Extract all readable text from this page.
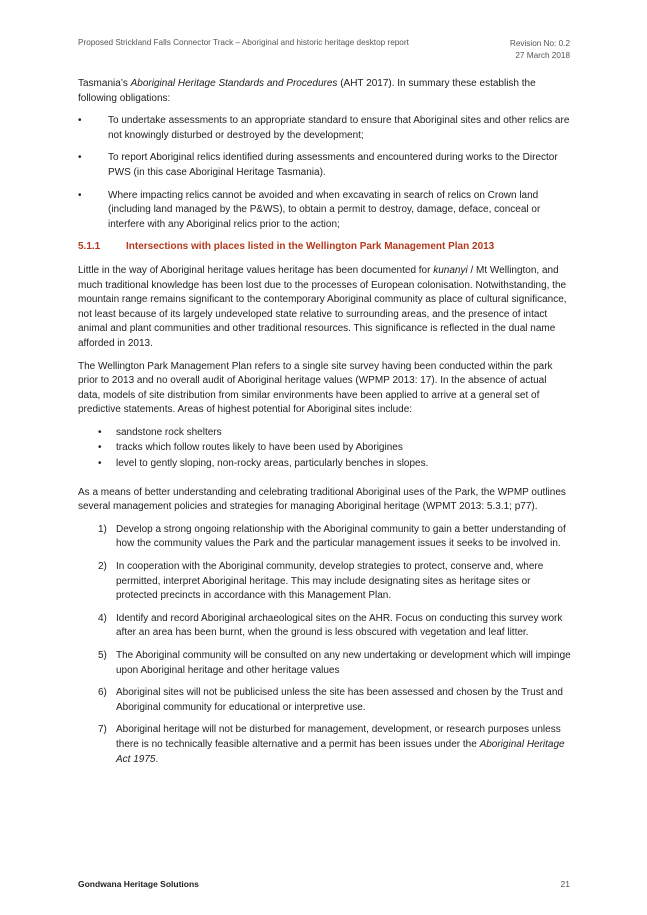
Proposed Strickland Falls Connector Track – Aboriginal and historic heritage desktop report	Revision No: 0.2
27 March 2018

Tasmania’s Aboriginal Heritage Standards and Procedures (AHT 2017). In summary these establish the following obligations:

•	To undertake assessments to an appropriate standard to ensure that Aboriginal sites and other relics are not knowingly disturbed or destroyed by the development;
•	To report Aboriginal relics identified during assessments and encountered during works to the Director PWS (in this case Aboriginal Heritage Tasmania).
•	Where impacting relics cannot be avoided and when excavating in search of relics on Crown land (including land managed by the P&WS), to obtain a permit to destroy, damage, deface, conceal or interfere with any Aboriginal relics prior to the action;
5.1.1	Intersections with places listed in the Wellington Park Management Plan 2013

Little in the way of Aboriginal heritage values heritage has been documented for kunanyi / Mt Wellington, and much traditional knowledge has been lost due to the processes of European colonisation. Notwithstanding, the mountain range remains significant to the contemporary Aboriginal community as place of cultural significance, not least because of its largely undeveloped state relative to surrounding areas, and the presence of intact animal and plant communities and other traditional resources. This significance is reflected in the dual name afforded in 2013.

The Wellington Park Management Plan refers to a single site survey having been conducted within the park prior to 2013 and no overall audit of Aboriginal heritage values (WPMP 2013: 17). In the absence of actual data, models of site distribution from similar environments have been applied to arrive at a general set of predictive statements. Areas of highest potential for Aboriginal sites include:

• sandstone rock shelters
• tracks which follow routes likely to have been used by Aborigines
• level to gently sloping, non-rocky areas, particularly benches in slopes.

As a means of better understanding and celebrating traditional Aboriginal uses of the Park, the WPMP outlines several management policies and strategies for managing Aboriginal heritage (WPMT 2013: 5.3.1; p77).

1) Develop a strong ongoing relationship with the Aboriginal community to gain a better understanding of how the community values the Park and the particular management issues it seeks to be involved in.
2) In cooperation with the Aboriginal community, develop strategies to protect, conserve and, where permitted, interpret Aboriginal heritage. This may include designating sites as heritage sites or protected precincts in accordance with this Management Plan.
4) Identify and record Aboriginal archaeological sites on the AHR. Focus on conducting this survey work after an area has been burnt, when the ground is less obscured with vegetation and leaf litter.
5) The Aboriginal community will be consulted on any new undertaking or development which will impinge upon Aboriginal heritage and other heritage values
6) Aboriginal sites will not be publicised unless the site has been assessed and chosen by the Trust and Aboriginal community for educational or interpretive use.
7) Aboriginal heritage will not be disturbed for management, development, or research purposes unless there is no technically feasible alternative and a permit has been issues under the Aboriginal Heritage Act 1975.
Gondwana Heritage Solutions	21
